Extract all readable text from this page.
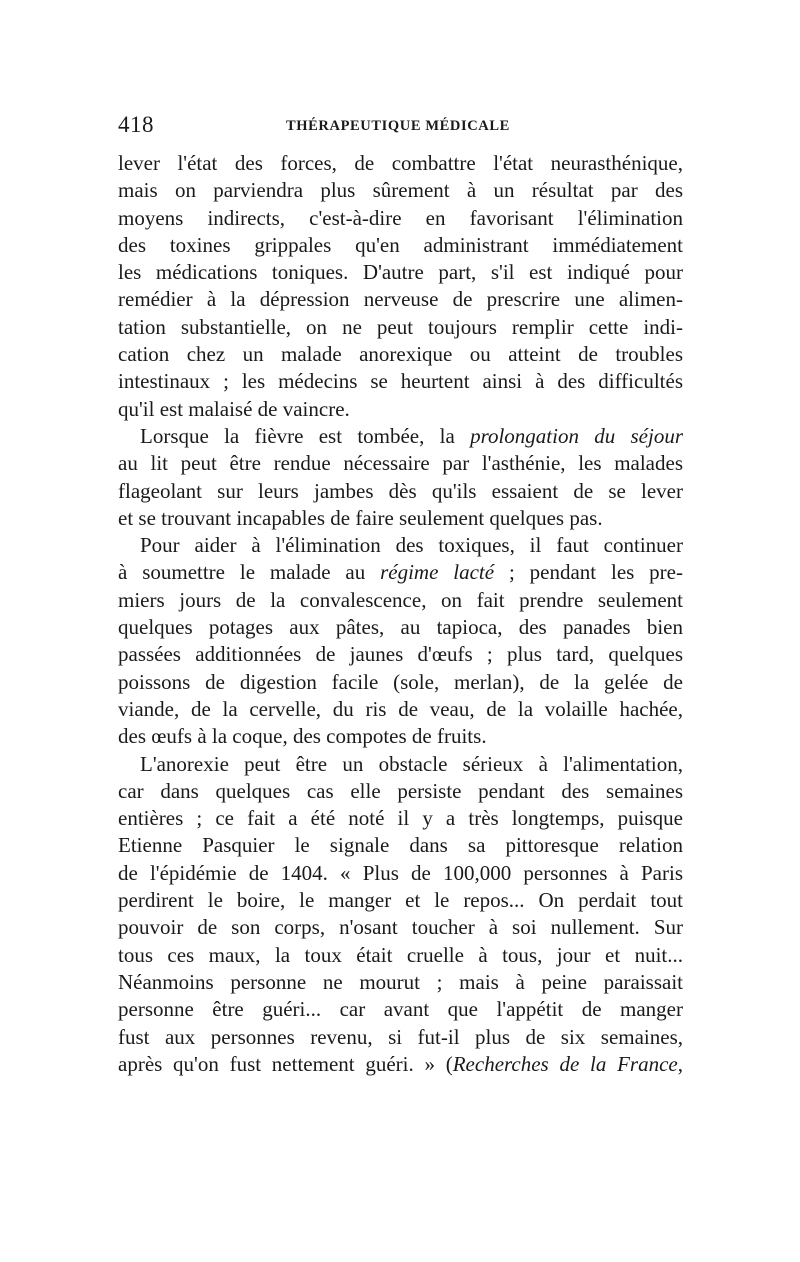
418	THÉRAPEUTIQUE MÉDICALE
lever l'état des forces, de combattre l'état neurasthénique,
mais on parviendra plus sûrement à un résultat par des
moyens indirects, c'est-à-dire en favorisant l'élimination
des toxines grippales qu'en administrant immédiatement
les médications toniques. D'autre part, s'il est indiqué pour
remédier à la dépression nerveuse de prescrire une alimen-
tation substantielle, on ne peut toujours remplir cette indi-
cation chez un malade anorexique ou atteint de troubles
intestinaux ; les médecins se heurtent ainsi à des difficultés
qu'il est malaisé de vaincre.
Lorsque la fièvre est tombée, la prolongation du séjour
au lit peut être rendue nécessaire par l'asthénie, les malades
flageolant sur leurs jambes dès qu'ils essaient de se lever
et se trouvant incapables de faire seulement quelques pas.
Pour aider à l'élimination des toxiques, il faut continuer
à soumettre le malade au régime lacté ; pendant les pre-
miers jours de la convalescence, on fait prendre seulement
quelques potages aux pâtes, au tapioca, des panades bien
passées additionnées de jaunes d'œufs ; plus tard, quelques
poissons de digestion facile (sole, merlan), de la gelée de
viande, de la cervelle, du ris de veau, de la volaille hachée,
des œufs à la coque, des compotes de fruits.
L'anorexie peut être un obstacle sérieux à l'alimentation,
car dans quelques cas elle persiste pendant des semaines
entières ; ce fait a été noté il y a très longtemps, puisque
Etienne Pasquier le signale dans sa pittoresque relation
de l'épidémie de 1404. « Plus de 100,000 personnes à Paris
perdirent le boire, le manger et le repos... On perdait tout
pouvoir de son corps, n'osant toucher à soi nullement. Sur
tous ces maux, la toux était cruelle à tous, jour et nuit...
Néanmoins personne ne mourut ; mais à peine paraissait
personne être guéri... car avant que l'appétit de manger
fust aux personnes revenu, si fut-il plus de six semaines,
après qu'on fust nettement guéri. » (Recherches de la France,
